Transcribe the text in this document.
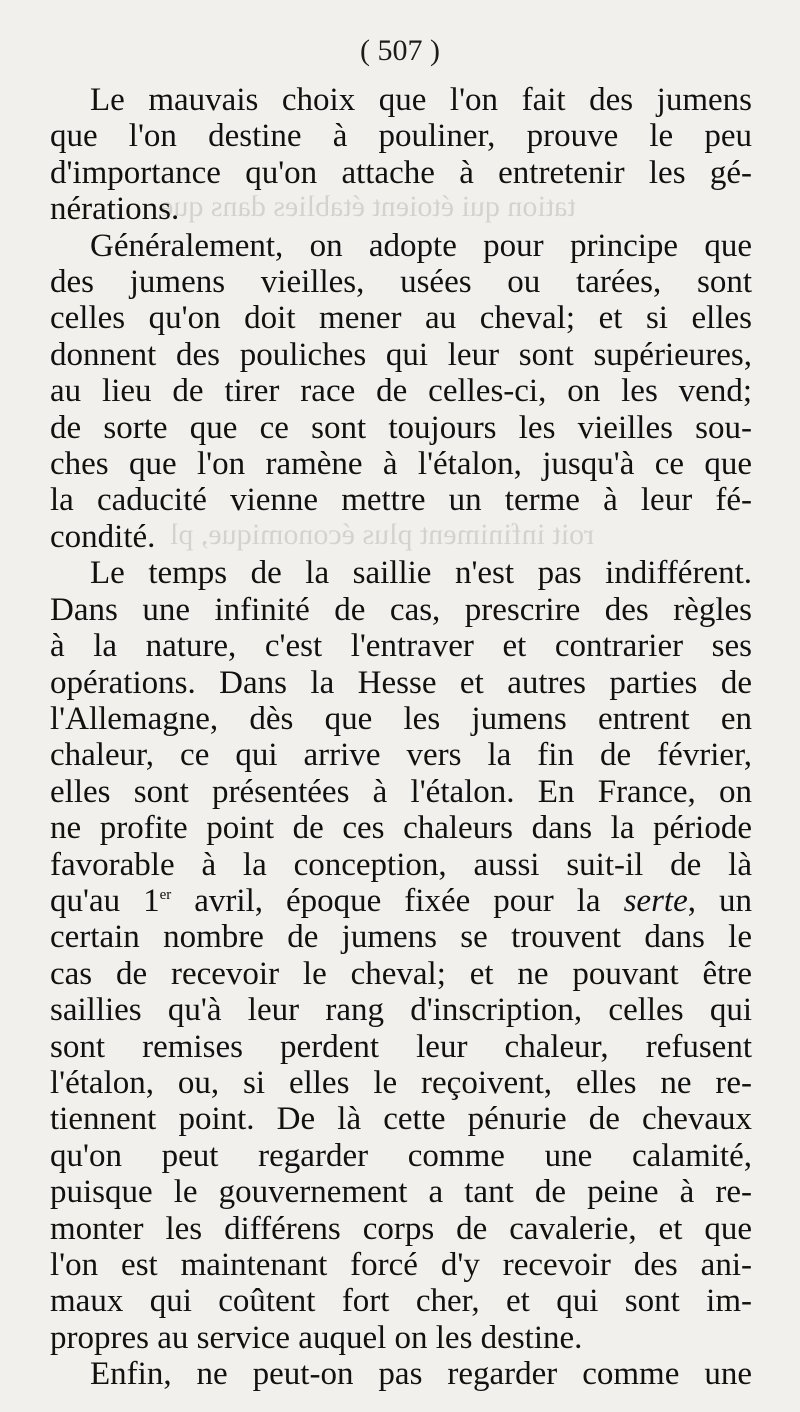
tation qui étoient établies dans que
roit infiniment plus économique, pl
( 507 )
Le mauvais choix que l'on fait des jumens
que l'on destine à pouliner, prouve le peu
d'importance qu'on attache à entretenir les gé-
nérations.
Généralement, on adopte pour principe que
des jumens vieilles, usées ou tarées, sont
celles qu'on doit mener au cheval; et si elles
donnent des pouliches qui leur sont supérieures,
au lieu de tirer race de celles-ci, on les vend;
de sorte que ce sont toujours les vieilles sou-
ches que l'on ramène à l'étalon, jusqu'à ce que
la caducité vienne mettre un terme à leur fé-
condité.
Le temps de la saillie n'est pas indifférent.
Dans une infinité de cas, prescrire des règles
à la nature, c'est l'entraver et contrarier ses
opérations. Dans la Hesse et autres parties de
l'Allemagne, dès que les jumens entrent en
chaleur, ce qui arrive vers la fin de février,
elles sont présentées à l'étalon. En France, on
ne profite point de ces chaleurs dans la période
favorable à la conception, aussi suit-il de là
qu'au 1er avril, époque fixée pour la serte, un
certain nombre de jumens se trouvent dans le
cas de recevoir le cheval; et ne pouvant être
saillies qu'à leur rang d'inscription, celles qui
sont remises perdent leur chaleur, refusent
l'étalon, ou, si elles le reçoivent, elles ne re-
tiennent point. De là cette pénurie de chevaux
qu'on peut regarder comme une calamité,
puisque le gouvernement a tant de peine à re-
monter les différens corps de cavalerie, et que
l'on est maintenant forcé d'y recevoir des ani-
maux qui coûtent fort cher, et qui sont im-
propres au service auquel on les destine.
Enfin, ne peut-on pas regarder comme une
